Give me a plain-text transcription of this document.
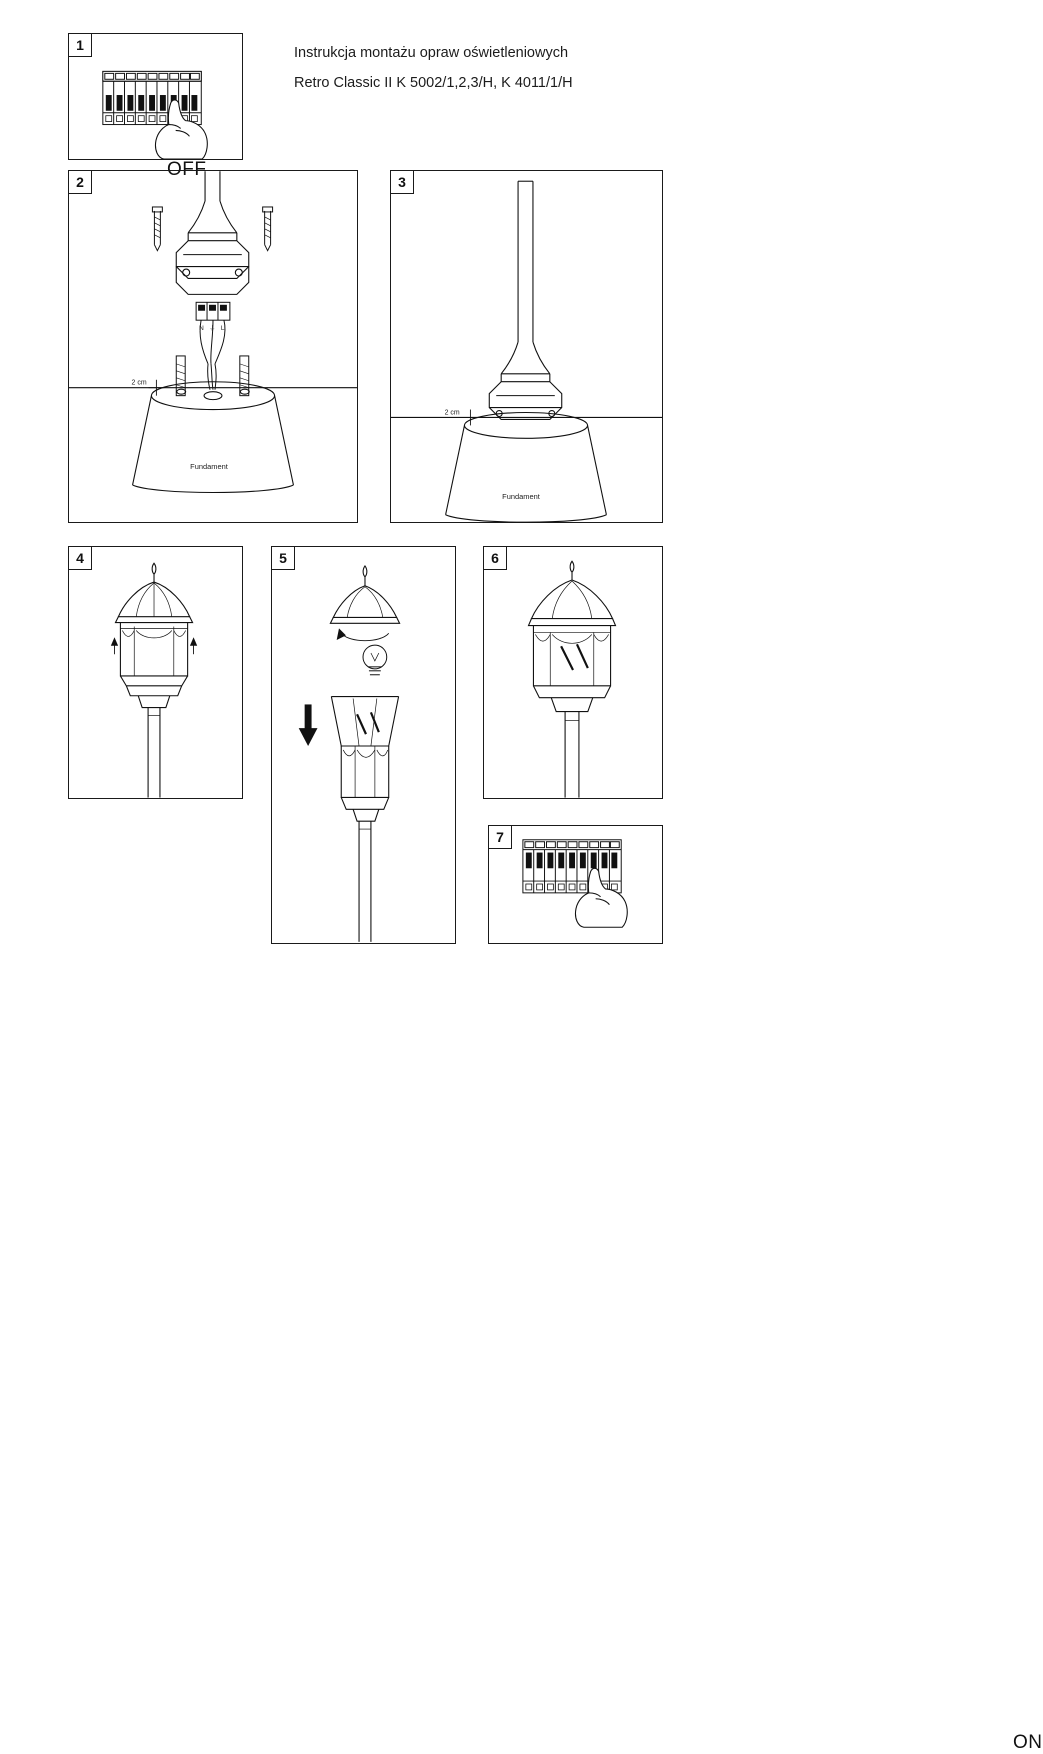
Instrukcja montażu opraw oświetleniowych
Retro Classic II K 5002/1,2,3/H, K 4011/1/H
1
OFF
2
N ⏚ L
2 cm
Fundament
3
2 cm
Fundament
4	5	6
7
ON
